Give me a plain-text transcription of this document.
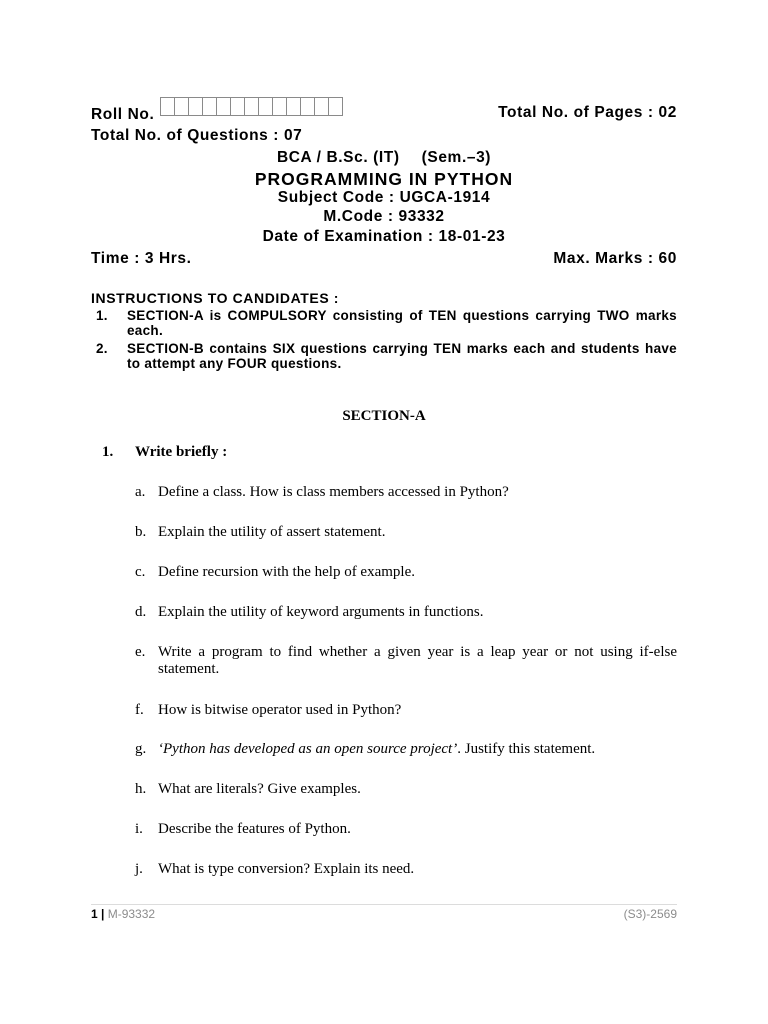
Roll No.	Total No. of Pages : 02
Total No. of Questions : 07
BCA / B.Sc. (IT) (Sem.–3)
PROGRAMMING IN PYTHON
Subject Code : UGCA-1914
M.Code : 93332
Date of Examination : 18-01-23
Time : 3 Hrs.	Max. Marks : 60
INSTRUCTIONS TO CANDIDATES :
1. SECTION-A is COMPULSORY consisting of TEN questions carrying TWO marks each.
2. SECTION-B contains SIX questions carrying TEN marks each and students have to attempt any FOUR questions.
SECTION-A
1. Write briefly :
a. Define a class. How is class members accessed in Python?
b. Explain the utility of assert statement.
c. Define recursion with the help of example.
d. Explain the utility of keyword arguments in functions.
e. Write a program to find whether a given year is a leap year or not using if-else statement.
f. How is bitwise operator used in Python?
g. ‘Python has developed as an open source project’. Justify this statement.
h. What are literals? Give examples.
i. Describe the features of Python.
j. What is type conversion? Explain its need.
1 | M-93332	(S3)-2569
